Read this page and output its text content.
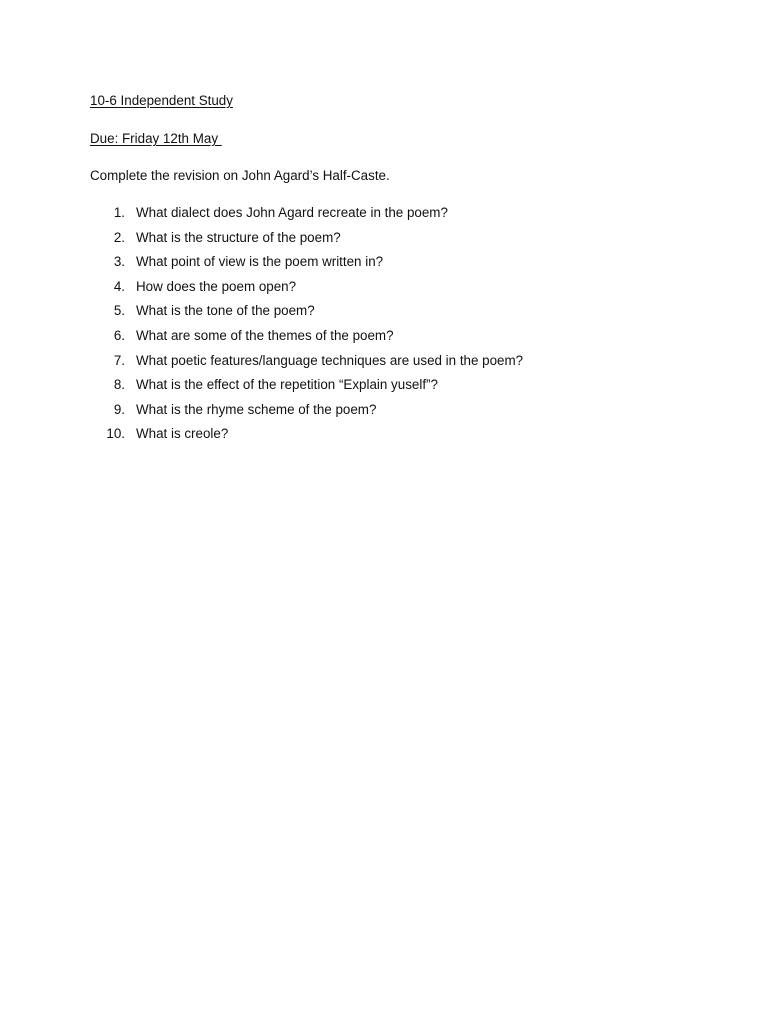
10-6 Independent Study
Due: Friday 12th May
Complete the revision on John Agard’s Half-Caste.
1. What dialect does John Agard recreate in the poem?
2. What is the structure of the poem?
3. What point of view is the poem written in?
4. How does the poem open?
5. What is the tone of the poem?
6. What are some of the themes of the poem?
7. What poetic features/language techniques are used in the poem?
8. What is the effect of the repetition “Explain yuself”?
9. What is the rhyme scheme of the poem?
10. What is creole?
